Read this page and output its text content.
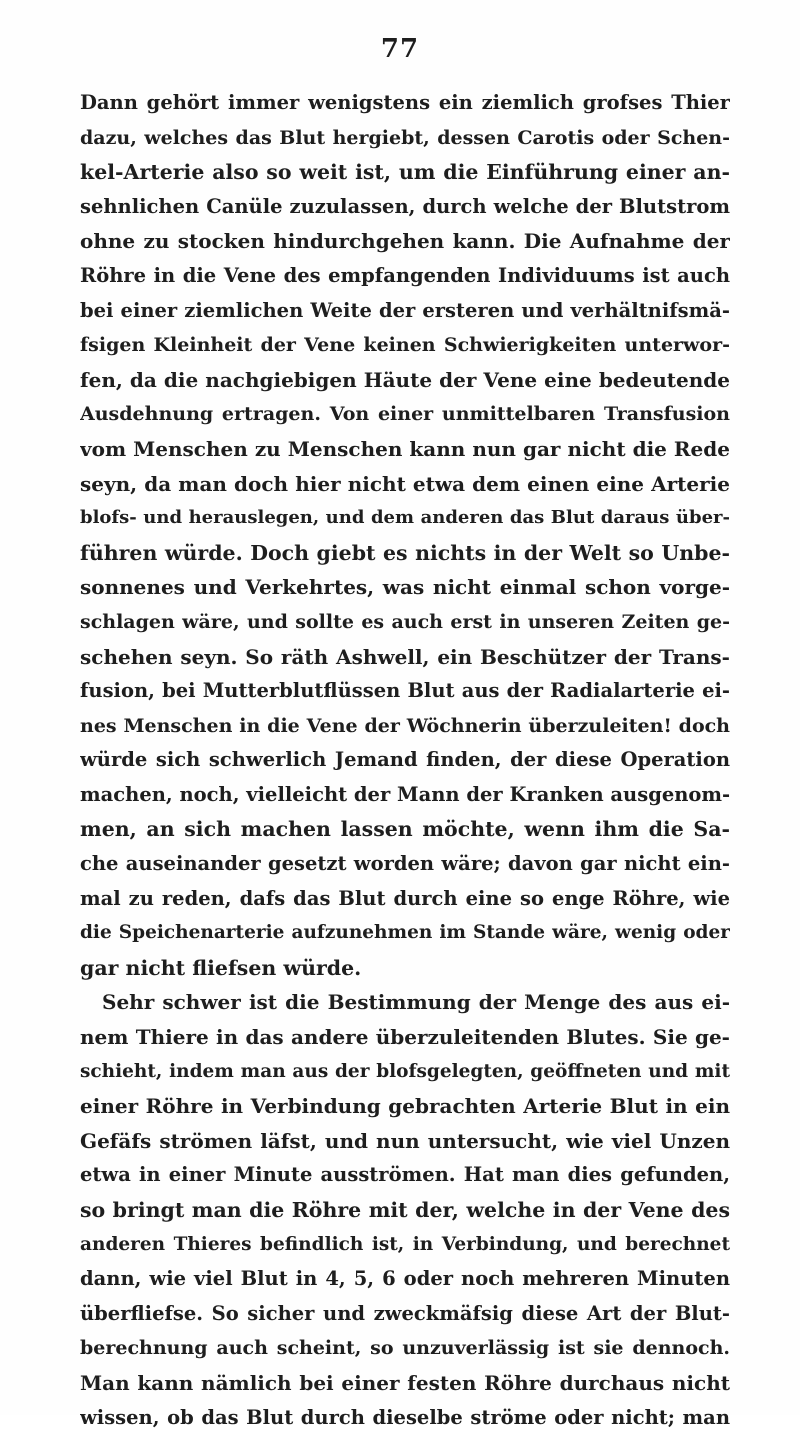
77
Dann gehört immer wenigstens ein ziemlich grofses Thier
dazu, welches das Blut hergiebt, dessen Carotis oder Schen-
kel-Arterie also so weit ist, um die Einführung einer an-
sehnlichen Canüle zuzulassen, durch welche der Blutstrom
ohne zu stocken hindurchgehen kann. Die Aufnahme der
Röhre in die Vene des empfangenden Individuums ist auch
bei einer ziemlichen Weite der ersteren und verhältnifsmä-
fsigen Kleinheit der Vene keinen Schwierigkeiten unterwor-
fen, da die nachgiebigen Häute der Vene eine bedeutende
Ausdehnung ertragen. Von einer unmittelbaren Transfusion
vom Menschen zu Menschen kann nun gar nicht die Rede
seyn, da man doch hier nicht etwa dem einen eine Arterie
blofs- und herauslegen, und dem anderen das Blut daraus über-
führen würde. Doch giebt es nichts in der Welt so Unbe-
sonnenes und Verkehrtes, was nicht einmal schon vorge-
schlagen wäre, und sollte es auch erst in unseren Zeiten ge-
schehen seyn. So räth Ashwell, ein Beschützer der Trans-
fusion, bei Mutterblutflüssen Blut aus der Radialarterie ei-
nes Menschen in die Vene der Wöchnerin überzuleiten! doch
würde sich schwerlich Jemand finden, der diese Operation
machen, noch, vielleicht der Mann der Kranken ausgenom-
men, an sich machen lassen möchte, wenn ihm die Sa-
che auseinander gesetzt worden wäre; davon gar nicht ein-
mal zu reden, dafs das Blut durch eine so enge Röhre, wie
die Speichenarterie aufzunehmen im Stande wäre, wenig oder
gar nicht fliefsen würde.
Sehr schwer ist die Bestimmung der Menge des aus ei-
nem Thiere in das andere überzuleitenden Blutes. Sie ge-
schieht, indem man aus der blofsgelegten, geöffneten und mit
einer Röhre in Verbindung gebrachten Arterie Blut in ein
Gefäfs strömen läfst, und nun untersucht, wie viel Unzen
etwa in einer Minute ausströmen. Hat man dies gefunden,
so bringt man die Röhre mit der, welche in der Vene des
anderen Thieres befindlich ist, in Verbindung, und berechnet
dann, wie viel Blut in 4, 5, 6 oder noch mehreren Minuten
überfliefse. So sicher und zweckmäfsig diese Art der Blut-
berechnung auch scheint, so unzuverlässig ist sie dennoch.
Man kann nämlich bei einer festen Röhre durchaus nicht
wissen, ob das Blut durch dieselbe ströme oder nicht; man
